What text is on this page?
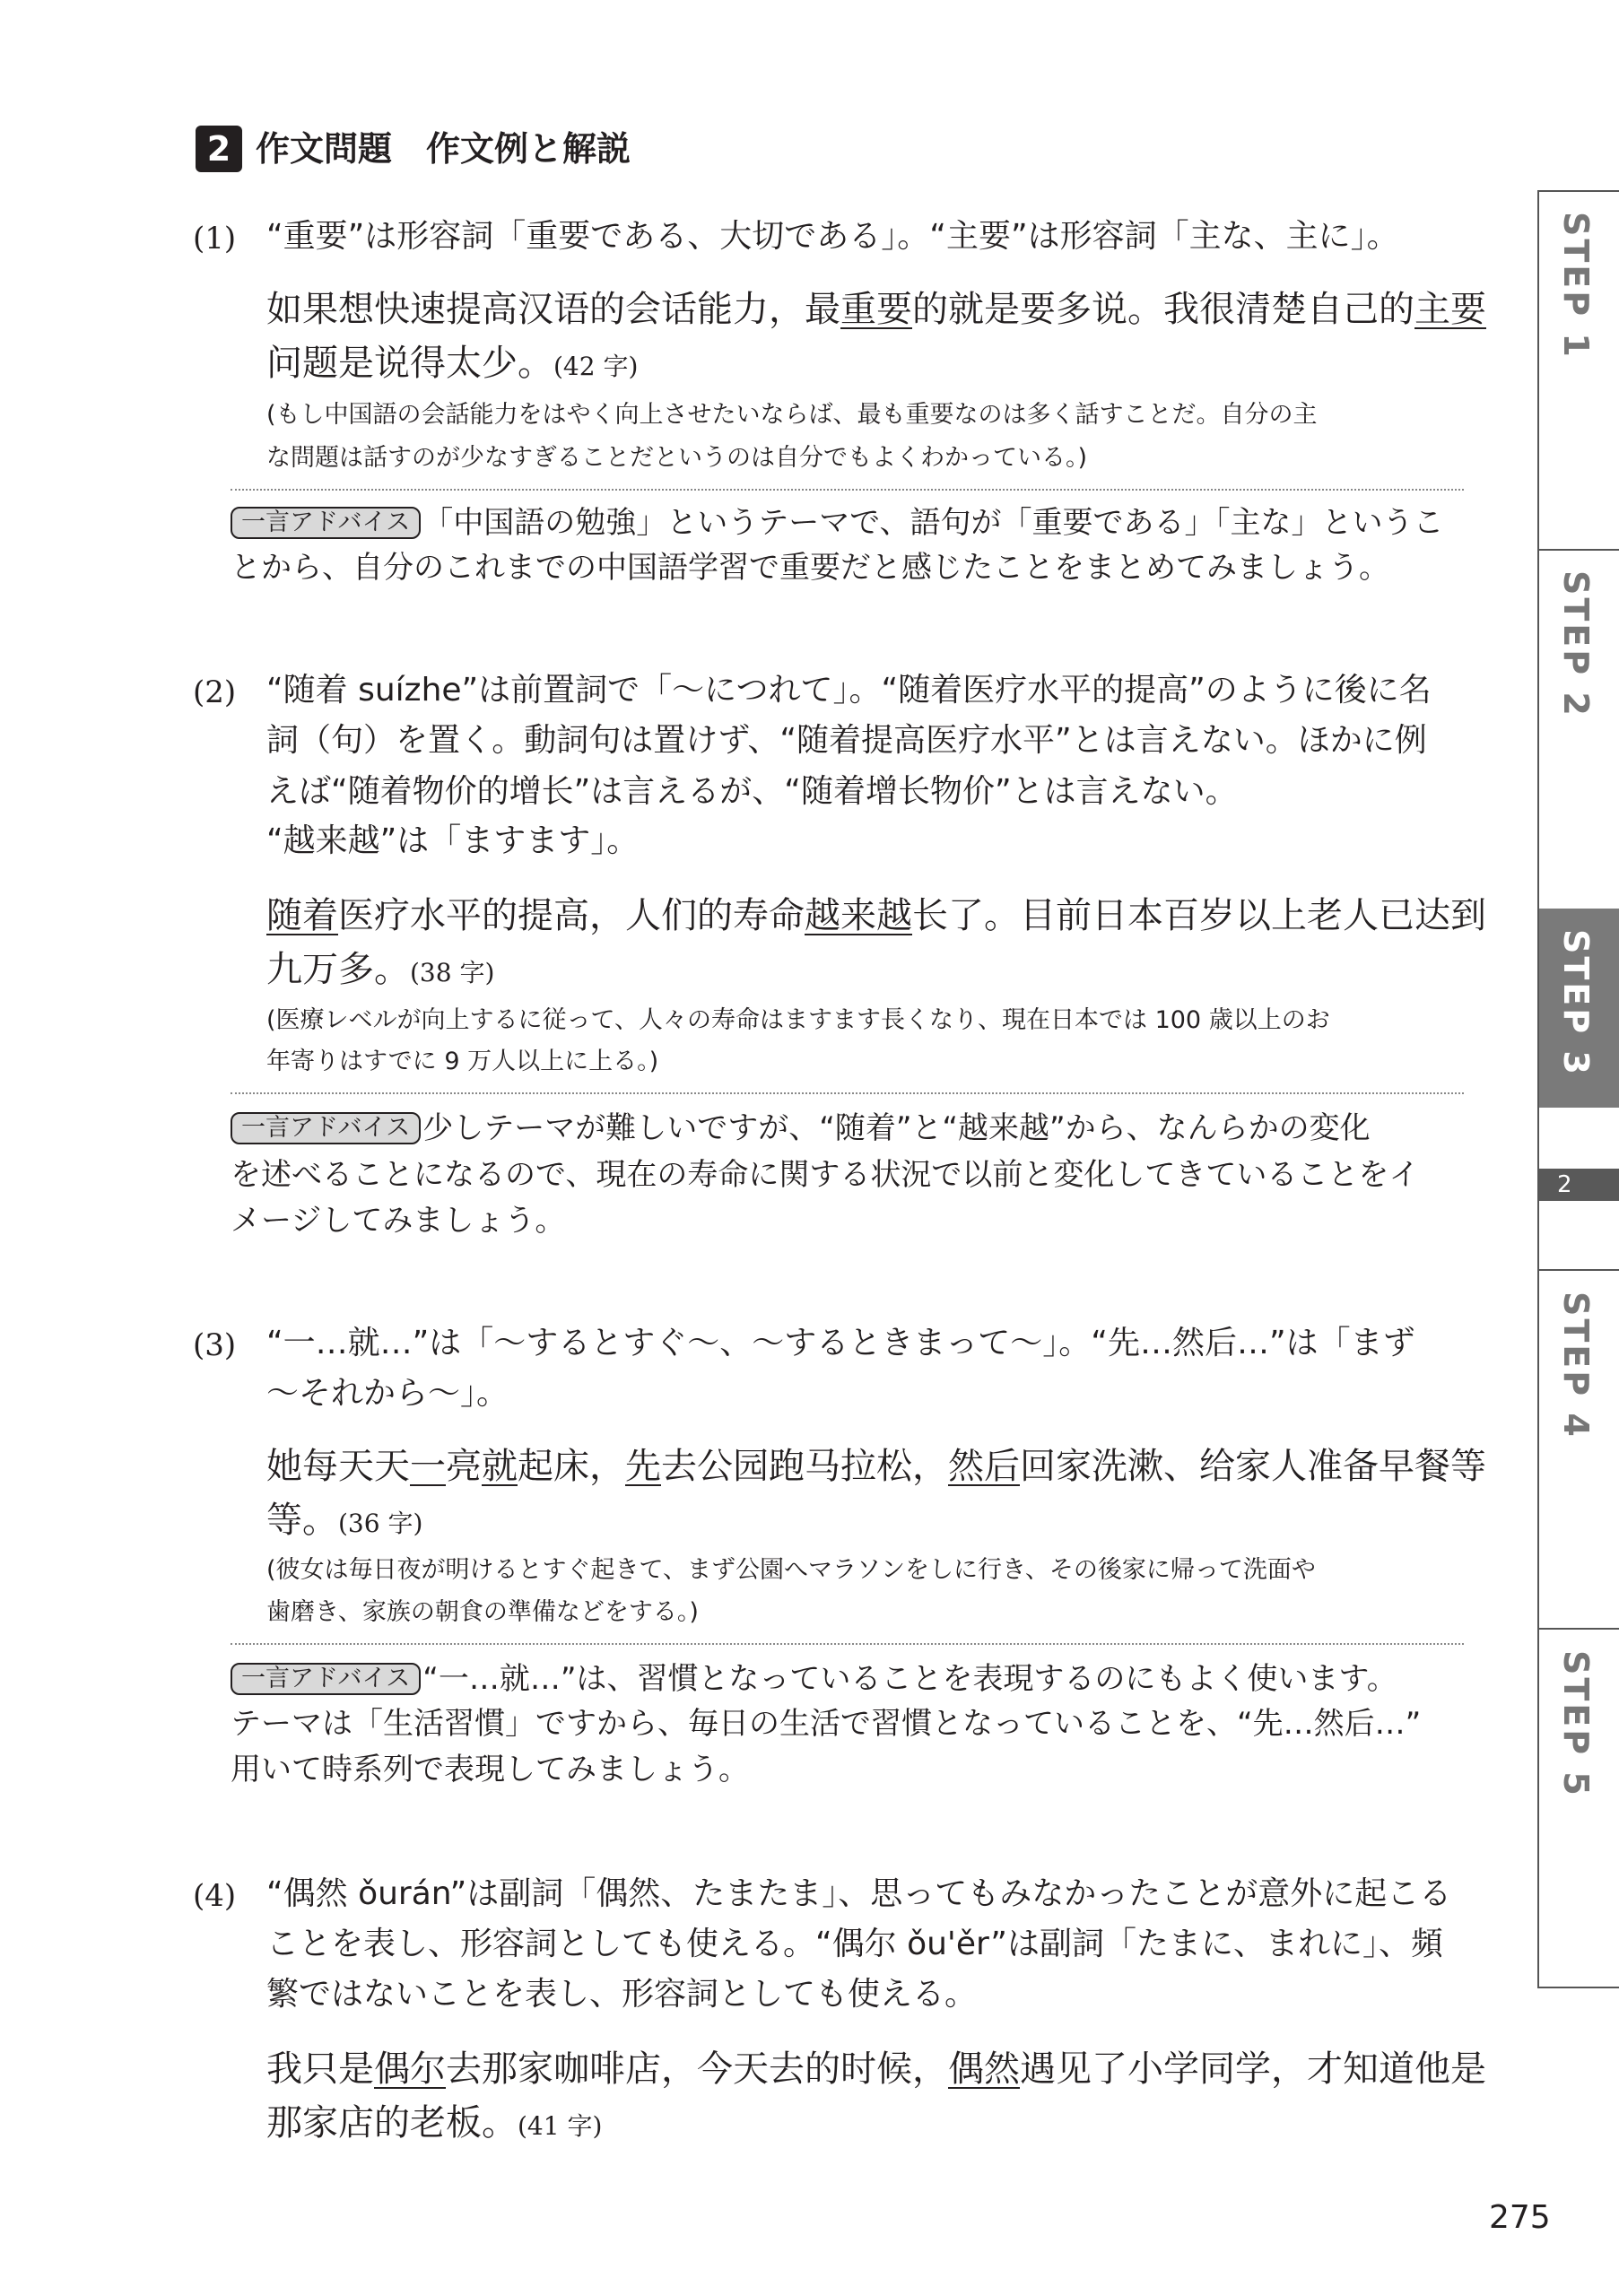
2 作文問題　作文例と解説
(1) “重要”は形容詞「重要である、大切である」。“主要”は形容詞「主な、主に」。
如果想快速提高汉语的会话能力，最重要的就是要多说。我很清楚自己的主要
问题是说得太少。(42 字)
(もし中国語の会話能力をはやく向上させたいならば、最も重要なのは多く話すことだ。自分の主
な問題は話すのが少なすぎることだというのは自分でもよくわかっている。)
一言アドバイス 「中国語の勉強」というテーマで、語句が「重要である」「主な」というこ
とから、自分のこれまでの中国語学習で重要だと感じたことをまとめてみましょう。
(2) “随着 suízhe”は前置詞で「～につれて」。“随着医疗水平的提高”のように後に名
詞（句）を置く。動詞句は置けず、“随着提高医疗水平”とは言えない。ほかに例
えば“随着物价的增长”は言えるが、“随着增长物价”とは言えない。
“越来越”は「ますます」。
随着医疗水平的提高，人们的寿命越来越长了。目前日本百岁以上老人已达到
九万多。(38 字)
(医療レベルが向上するに従って、人々の寿命はますます長くなり、現在日本では 100 歳以上のお
年寄りはすでに 9 万人以上に上る。)
一言アドバイス 少しテーマが難しいですが、“随着”と“越来越”から、なんらかの変化
を述べることになるので、現在の寿命に関する状況で以前と変化してきていることをイ
メージしてみましょう。
(3) “一…就…”は「～するとすぐ～、～するときまって～」。“先…然后…”は「まず
～それから～」。
她每天天一亮就起床，先去公园跑马拉松，然后回家洗漱、给家人准备早餐等
等。(36 字)
(彼女は毎日夜が明けるとすぐ起きて、まず公園へマラソンをしに行き、その後家に帰って洗面や
歯磨き、家族の朝食の準備などをする。)
一言アドバイス “一…就…”は、習慣となっていることを表現するのにもよく使います。
テーマは「生活習慣」ですから、毎日の生活で習慣となっていることを、“先…然后…”
用いて時系列で表現してみましょう。
(4) “偶然 ǒurán”は副詞「偶然、たまたま」、思ってもみなかったことが意外に起こる
ことを表し、形容詞としても使える。“偶尔 ǒu'ěr”は副詞「たまに、まれに」、頻
繁ではないことを表し、形容詞としても使える。
我只是偶尔去那家咖啡店，今天去的时候，偶然遇见了小学同学，才知道他是
那家店的老板。(41 字)
STEP 1
STEP 2
STEP 3
2
STEP 4
STEP 5
275
